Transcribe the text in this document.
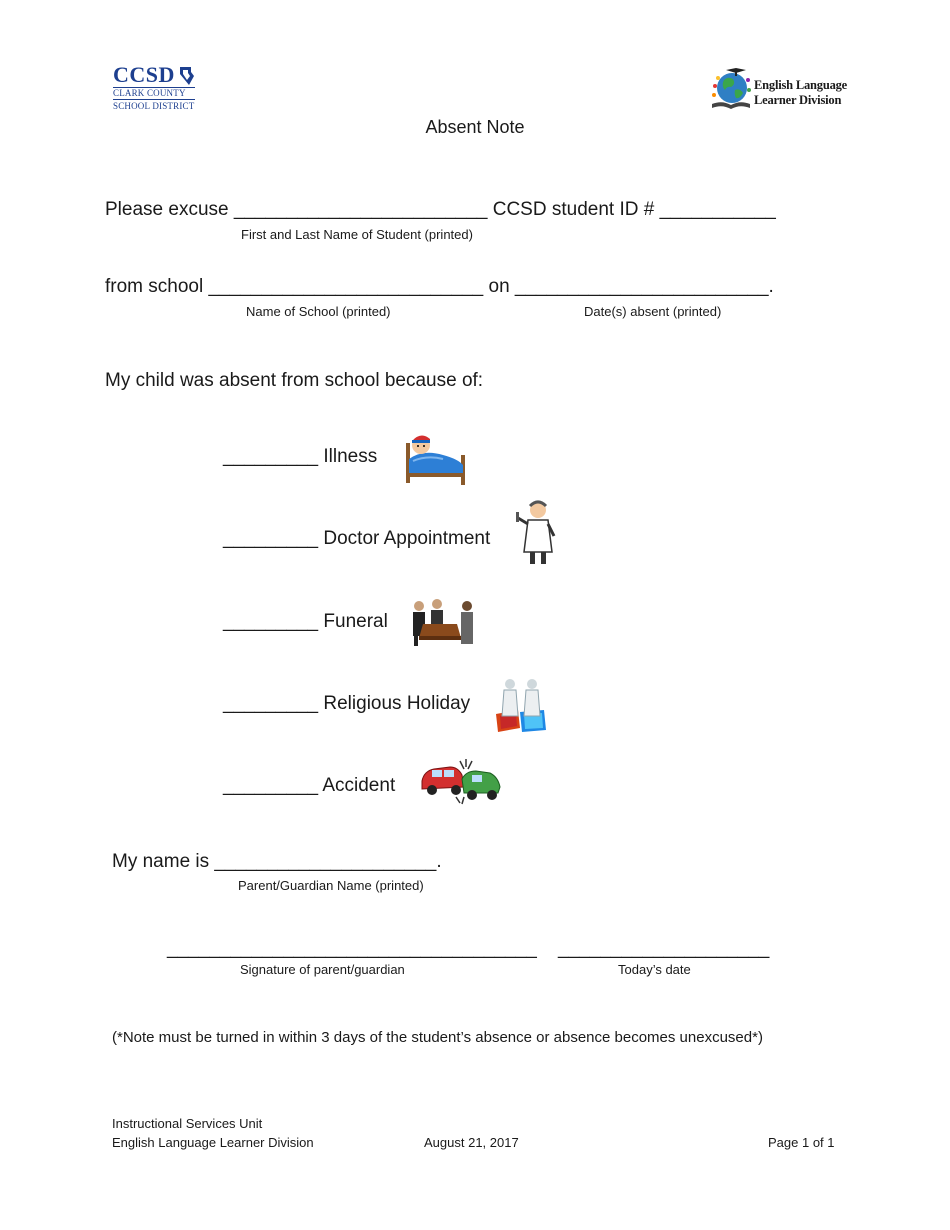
CCSD
CLARK COUNTY
SCHOOL DISTRICT
English Language
Learner Division
Absent Note
Please excuse ________________________ CCSD student ID # ___________
First and Last Name of Student (printed)
from school __________________________ on ________________________.
Name of School (printed)	Date(s) absent (printed)
My child was absent from school because of:
_________ Illness
_________ Doctor Appointment
_________ Funeral
_________ Religious Holiday
_________ Accident
My name is _____________________.
Parent/Guardian Name (printed)
___________________________________ ____________________
Signature of parent/guardian	Today’s date
(*Note must be turned in within 3 days of the student’s absence or absence becomes unexcused*)
Instructional Services Unit
English Language Learner Division	August 21, 2017	Page 1 of 1
